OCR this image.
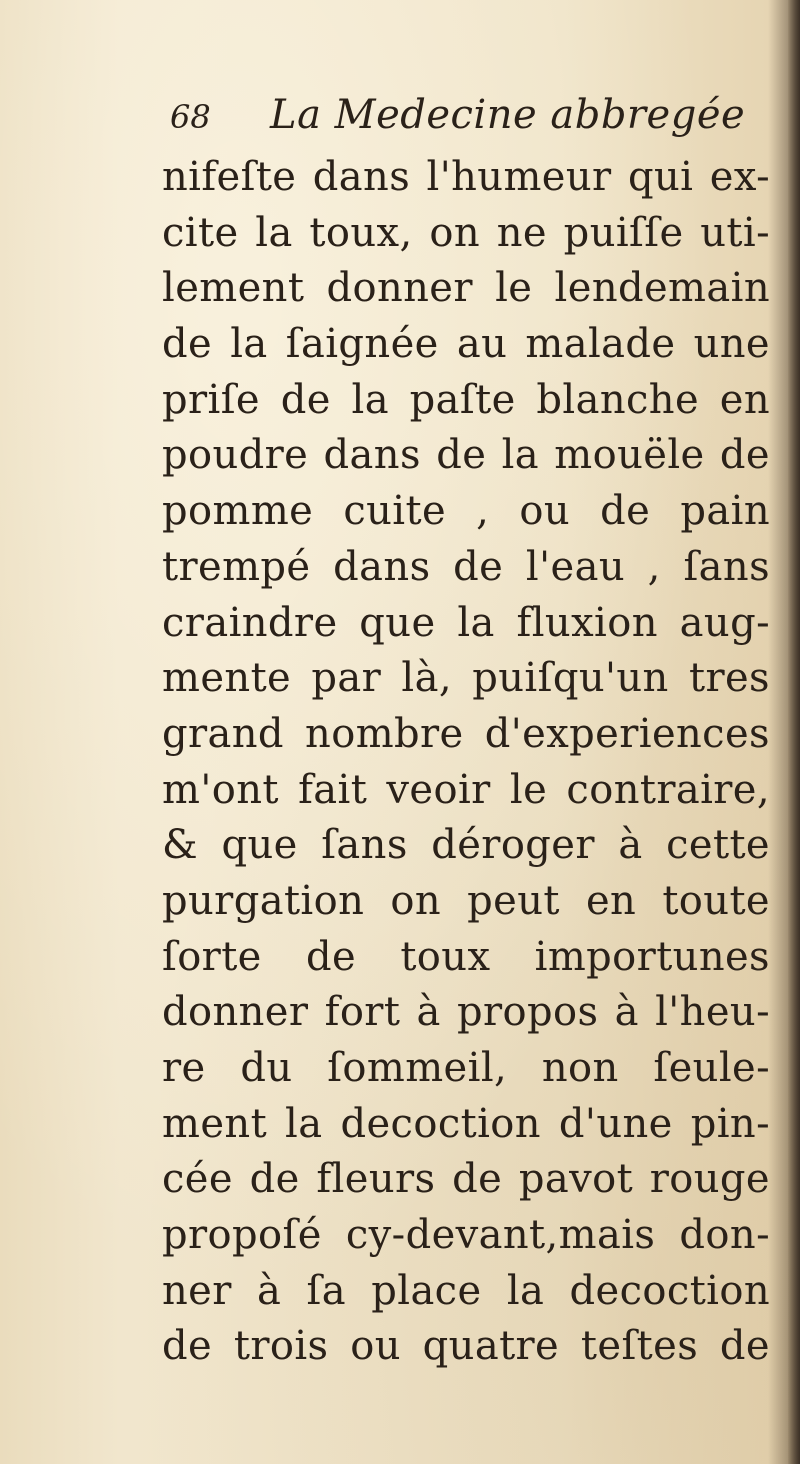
68 La Medecine abbregée
nifeſte dans l'humeur qui ex-
cite la toux, on ne puiſſe uti-
lement donner le lendemain
de la ſaignée au malade une
priſe de la paſte blanche en
poudre dans de la mouële de
pomme cuite , ou de pain
trempé dans de l'eau , ſans
craindre que la fluxion aug-
mente par là, puiſqu'un tres
grand nombre d'experiences
m'ont fait veoir le contraire,
& que ſans déroger à cette
purgation on peut en toute
ſorte de toux importunes
donner fort à propos à l'heu-
re du ſommeil, non ſeule-
ment la decoction d'une pin-
cée de fleurs de pavot rouge
propoſé cy-devant,mais don-
ner à ſa place la decoction
de trois ou quatre teſtes de
